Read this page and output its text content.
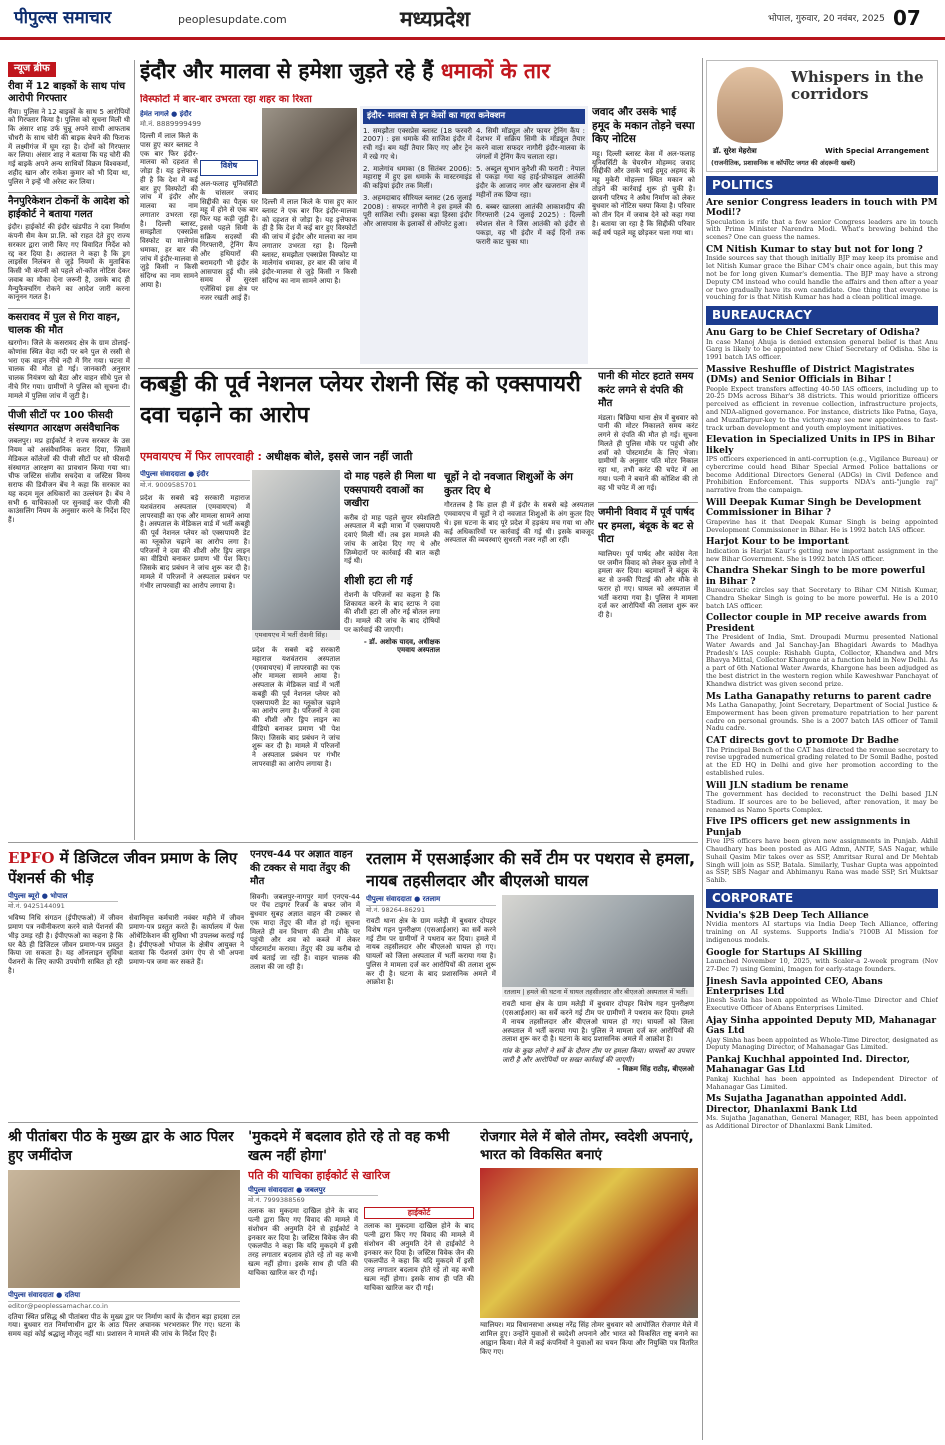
पीपुल्स समाचार	peoplesupdate.com	मध्यप्रदेश	भोपाल, गुरुवार, 20 नवंबर, 2025 07
न्यूज ब्रीफ
रीवा में 12 बाइकों के साथ पांच आरोपी गिरफ्तार
रीवा। पुलिस ने 12 बाइकों के साथ 5 आरोपियों को गिरफ्तार किया है। पुलिस को सूचना मिली थी कि अंसार शाह उर्फ चुन्नू अपने साथी आफताब चौधरी के साथ चोरी की बाइक बेचने की फिराक में लक्ष्मीगंज में घूम रहा है। दोनों को गिरफ्तार कर लिया। अंसार शाह ने बताया कि यह चोरी की गई बाइकें अपने अन्य साथियों विक्रम विश्वकर्मा, शहीद खान और राकेश कुमार को भी दिया था, पुलिस ने इन्हें भी अरेस्ट कर लिया।
नैनपुरिकेशन टोकनों के आदेश को हाईकोर्ट ने बताया गलत
इंदौर। हाईकोर्ट की इंदौर खंडपीठ ने दवा निर्माण कंपनी सैम केम प्रा.लि. को राहत देते हुए राज्य सरकार द्वारा जारी किए गए विवादित निर्देश को रद्द कर दिया है। अदालत ने कहा है कि ड्रग लाइसेंस निलंबन से जुड़े नियमों के मुताबिक किसी भी कंपनी को पहले शो-कॉज नोटिस देकर जवाब का मौका देना जरूरी है, उसके बाद ही मैन्युफैक्चरिंग रोकने का आदेश जारी करना कानूनन गलत है।
कसरावद में पुल से गिरा वाहन, चालक की मौत
खरगोन। जिले के कसरावद क्षेत्र के ग्राम ठोलाई-कोणांस स्थित वेदा नदी पर बने पुल से रस्सी से भरा एक वाहन नीचे नदी में गिर गया। घटना में चालक की मौत हो गई। जानकारी अनुसार चालक नियंत्रण खो बैठा और वाहन सीधे पुल से नीचे गिर गया। ग्रामीणों ने पुलिस को सूचना दी। मामले में पुलिस जांच में जुटी है।
पीजी सीटों पर 100 फीसदी संस्थागत आरक्षण असंवैधानिक
जबलपुर। मप्र हाईकोर्ट ने राज्य सरकार के उस नियम को असंवैधानिक करार दिया, जिसमें मेडिकल कॉलेजों की पीजी सीटों पर सौ फीसदी संस्थागत आरक्षण का प्रावधान किया गया था। चीफ जस्टिस संजीव सचदेवा व जस्टिस विनय सराफ की डिवीजन बेंच ने कहा कि सरकार का यह कदम मूल अधिकारों का उल्लंघन है। बेंच ने सभी 6 याचिकाओं पर सुनवाई कर पीजी की काउंसलिंग नियम के अनुसार करने के निर्देश दिए हैं।
इंदौर और मालवा से हमेशा जुड़ते रहे हैं धमाकों के तार
विस्फोटों में बार-बार उभरता रहा शहर का रिश्ता
हेमंत नागले ● इंदौर
मो.नं. 8889999499
दिल्ली में लाल किले के पास हुए कार ब्लास्ट ने एक बार फिर इंदौर-मालवा को दहशत से जोड़ा है। यह इत्तेफाक ही है कि देश में कई बार हुए विस्फोटों की जांच में इंदौर और मालवा का नाम लगातार उभरता रहा है। दिल्ली ब्लास्ट, समझौता एक्सप्रेस विस्फोट या मालेगांव धमाका, हर बार की जांच में इंदौर-मालवा से जुड़े किसी न किसी संदिग्ध का नाम सामने आया है।
विशेष
अल-फलाह यूनिवर्सिटी के चांसलर जवाद सिद्दीकी का पैतृक घर महू में होने से एक बार फिर यह कड़ी जुड़ी है। इससे पहले सिमी के सक्रिय सदस्यों की गिरफ्तारी, ट्रेनिंग कैंप और हथियारों की बरामदगी भी इंदौर के आसपास हुई थी। लंबे समय से सुरक्षा एजेंसियां इस क्षेत्र पर नजर रखती आई हैं।
दिल्ली में लाल किले के पास हुए कार ब्लास्ट ने एक बार फिर इंदौर-मालवा को दहशत से जोड़ा है। यह इत्तेफाक ही है कि देश में कई बार हुए विस्फोटों की जांच में इंदौर और मालवा का नाम लगातार उभरता रहा है। दिल्ली ब्लास्ट, समझौता एक्सप्रेस विस्फोट या मालेगांव धमाका, हर बार की जांच में इंदौर-मालवा से जुड़े किसी न किसी संदिग्ध का नाम सामने आया है।
इंदौर- मालवा से इन केसों का गहरा कनेक्शन
1. समझौता एक्सप्रेस ब्लास्ट (18 फरवरी 2007) : इस धमाके की साजिश इंदौर में रची गई। बम यहीं तैयार किए गए और ट्रेन में रखे गए थे।
2. मालेगांव धमाका (8 सितंबर 2006): महाराष्ट्र में हुए इस धमाके के मास्टरमाइंड की कड़ियां इंदौर तक मिलीं।
3. अहमदाबाद सीरियल ब्लास्ट (26 जुलाई 2008) : सफदर नागौरी ने इस हमले की पूरी साजिश रची। इसका बड़ा हिस्सा इंदौर और आसपास के इलाकों से ऑपरेट हुआ।
4. सिमी मॉड्यूल और फायर ट्रेनिंग कैंप : देशभर में सक्रिय सिमी के मॉड्यूल तैयार करने वाला सफदर नागौरी इंदौर-मालवा के जंगलों में ट्रेनिंग कैंप चलाता रहा।
5. अब्दुल सुभान कुरैशी की फरारी : नेपाल से पकड़ा गया यह हाई-प्रोफाइल आतंकी इंदौर के आजाद नगर और खजराना क्षेत्र में महीनों तक छिपा रहा।
6. बब्बर खालसा आतंकी आकाशदीप की गिरफ्तारी (24 जुलाई 2025) : दिल्ली स्पेशल सेल ने जिस आतंकी को इंदौर से पकड़ा, वह भी इंदौर में कई दिनों तक फरारी काट चुका था।
जवाद और उसके भाई हमूद के मकान तोड़ने चस्पा किए नोटिस
महू। दिल्ली ब्लास्ट केस में अल-फलाह यूनिवर्सिटी के चेयरमैन मोहम्मद जवाद सिद्दीकी और उसके भाई हमूद अहमद के महू मुकेरी मोहल्ला स्थित मकान को तोड़ने की कार्रवाई शुरू हो चुकी है। छावनी परिषद ने अवैध निर्माण को लेकर बुधवार को नोटिस चस्पा किया है। परिवार को तीन दिन में जवाब देने को कहा गया है। बताया जा रहा है कि सिद्दीकी परिवार कई वर्ष पहले महू छोड़कर चला गया था।
कबड्डी की पूर्व नेशनल प्लेयर रोशनी सिंह को एक्सपायरी दवा चढ़ाने का आरोप
एमवायएच में फिर लापरवाही : अधीक्षक बोले, इससे जान नहीं जाती
पीपुल्स संवाददाता ● इंदौर
मो.नं. 9009585701
प्रदेश के सबसे बड़े सरकारी महाराज यशवंतराव अस्पताल (एमवायएच) में लापरवाही का एक और मामला सामने आया है। अस्पताल के मेडिकल वार्ड में भर्ती कबड्डी की पूर्व नेशनल प्लेयर को एक्सपायरी डेट का ग्लूकोज चढ़ाने का आरोप लगा है। परिजनों ने दवा की शीशी और ड्रिप लाइन का वीडियो बनाकर प्रमाण भी पेश किए। जिसके बाद प्रबंधन ने जांच शुरू कर दी है। मामले में परिजनों ने अस्पताल प्रबंधन पर गंभीर लापरवाही का आरोप लगाया है।
एमवायएच में भर्ती रोशनी सिंह।
प्रदेश के सबसे बड़े सरकारी महाराज यशवंतराव अस्पताल (एमवायएच) में लापरवाही का एक और मामला सामने आया है। अस्पताल के मेडिकल वार्ड में भर्ती कबड्डी की पूर्व नेशनल प्लेयर को एक्सपायरी डेट का ग्लूकोज चढ़ाने का आरोप लगा है। परिजनों ने दवा की शीशी और ड्रिप लाइन का वीडियो बनाकर प्रमाण भी पेश किए। जिसके बाद प्रबंधन ने जांच शुरू कर दी है। मामले में परिजनों ने अस्पताल प्रबंधन पर गंभीर लापरवाही का आरोप लगाया है।
दो माह पहले ही मिला था एक्सपायरी दवाओं का जखीरा
करीब दो माह पहले सुपर स्पेशलिटी अस्पताल में बड़ी मात्रा में एक्सपायरी दवाएं मिली थीं। तब इस मामले की जांच के आदेश दिए गए थे और जिम्मेदारों पर कार्रवाई की बात कही गई थी।
शीशी हटा ली गई
रोशनी के परिजनों का कहना है कि शिकायत करने के बाद स्टाफ ने दवा की शीशी हटा ली और नई बोतल लगा दी। मामले की जांच के बाद दोषियों पर कार्रवाई की जाएगी।
- डॉ. अशोक यादव, अधीक्षक एमवाय अस्पताल
चूहों ने दो नवजात शिशुओं के अंग कुतर दिए थे
गौरतलब है कि हाल ही में इंदौर के सबसे बड़े अस्पताल एमवायएच में चूहों ने दो नवजात शिशुओं के अंग कुतर दिए थे। इस घटना के बाद पूरे प्रदेश में हड़कंप मच गया था और कई अधिकारियों पर कार्रवाई की गई थी। इसके बावजूद अस्पताल की व्यवस्थाएं सुधरती नजर नहीं आ रहीं।
पानी की मोटर हटाते समय करंट लगने से दंपति की मौत
मंडला। बिछिया थाना क्षेत्र में बुधवार को पानी की मोटर निकालते समय करंट लगने से दंपति की मौत हो गई। सूचना मिलते ही पुलिस मौके पर पहुंची और शवों को पोस्टमार्टम के लिए भेजा। ग्रामीणों के अनुसार पति मोटर निकाल रहा था, तभी करंट की चपेट में आ गया। पत्नी ने बचाने की कोशिश की तो वह भी चपेट में आ गई।
जमीनी विवाद में पूर्व पार्षद पर हमला, बंदूक के बट से पीटा
ग्वालियर। पूर्व पार्षद और कांग्रेस नेता पर जमीन विवाद को लेकर कुछ लोगों ने हमला कर दिया। बदमाशों ने बंदूक के बट से उनकी पिटाई की और मौके से फरार हो गए। घायल को अस्पताल में भर्ती कराया गया है। पुलिस ने मामला दर्ज कर आरोपियों की तलाश शुरू कर दी है।
EPFO में डिजिटल जीवन प्रमाण के लिए पेंशनर्स की भीड़
पीपुल्स ब्यूरो ● भोपाल
मो.नं. 9425144091
भविष्य निधि संगठन (ईपीएफओ) में जीवन प्रमाण पत्र नवीनीकरण करने वाले पेंशनर्स की भीड़ उमड़ रही है। ईपीएफओ का कहना है कि घर बैठे ही डिजिटल जीवन प्रमाण-पत्र प्रस्तुत किया जा सकता है। यह ऑनलाइन सुविधा पेंशनरों के लिए काफी उपयोगी साबित हो रही है।
सेवानिवृत्त कर्मचारी नवंबर महीने में जीवन प्रमाण-पत्र प्रस्तुत करते हैं। कार्यालय में फेस ऑथेंटिकेशन की सुविधा भी उपलब्ध कराई गई है। ईपीएफओ भोपाल के क्षेत्रीय आयुक्त ने बताया कि पेंशनर्स उमंग ऐप से भी अपना प्रमाण-पत्र जमा कर सकते हैं।
एनएच-44 पर अज्ञात वाहन की टक्कर से मादा तेंदुए की मौत
सिवनी। जबलपुर-नागपुर मार्ग एनएच-44 पर पेंच टाइगर रिजर्व के बफर जोन में बुधवार सुबह अज्ञात वाहन की टक्कर से एक मादा तेंदुए की मौत हो गई। सूचना मिलते ही वन विभाग की टीम मौके पर पहुंची और शव को कब्जे में लेकर पोस्टमार्टम कराया। तेंदुए की उम्र करीब दो वर्ष बताई जा रही है। वाहन चालक की तलाश की जा रही है।
रतलाम में एसआईआर की सर्वे टीम पर पथराव से हमला, नायब तहसीलदार और बीएलओ घायल
पीपुल्स संवाददाता ● रतलाम
मो.नं. 98264-86291
रावटी थाना क्षेत्र के ग्राम मलेड़ी में बुधवार दोपहर विशेष गहन पुनरीक्षण (एसआईआर) का सर्वे करने गई टीम पर ग्रामीणों ने पथराव कर दिया। हमले में नायब तहसीलदार और बीएलओ घायल हो गए। घायलों को जिला अस्पताल में भर्ती कराया गया है। पुलिस ने मामला दर्ज कर आरोपियों की तलाश शुरू कर दी है। घटना के बाद प्रशासनिक अमले में आक्रोश है।
रतलाम | हमले की घटना में घायल तहसीलदार और बीएलओ अस्पताल में भर्ती।
रावटी थाना क्षेत्र के ग्राम मलेड़ी में बुधवार दोपहर विशेष गहन पुनरीक्षण (एसआईआर) का सर्वे करने गई टीम पर ग्रामीणों ने पथराव कर दिया। हमले में नायब तहसीलदार और बीएलओ घायल हो गए। घायलों को जिला अस्पताल में भर्ती कराया गया है। पुलिस ने मामला दर्ज कर आरोपियों की तलाश शुरू कर दी है। घटना के बाद प्रशासनिक अमले में आक्रोश है।
गांव के कुछ लोगों ने सर्वे के दौरान टीम पर हमला किया। घायलों का उपचार जारी है और आरोपियों पर सख्त कार्रवाई की जाएगी।
- विक्रम सिंह राठौड़, बीएलओ
श्री पीतांबरा पीठ के मुख्य द्वार के आठ पिलर हुए जमींदोज
पीपुल्स संवाददाता ● दतिया
editor@peoplessamachar.co.in
दतिया स्थित प्रसिद्ध श्री पीतांबरा पीठ के मुख्य द्वार पर निर्माण कार्य के दौरान बड़ा हादसा टल गया। बुधवार रात निर्माणाधीन द्वार के आठ पिलर अचानक भरभराकर गिर गए। घटना के समय वहां कोई श्रद्धालु मौजूद नहीं था। प्रशासन ने मामले की जांच के निर्देश दिए हैं।
'मुकदमे में बदलाव होते रहे तो वह कभी खत्म नहीं होगा'
पति की याचिका हाईकोर्ट से खारिज
पीपुल्स संवाददाता ● जबलपुर
मो.नं. 7999388569
तलाक का मुकदमा दाखिल होने के बाद पत्नी द्वारा किए गए विवाद की मामले में संशोधन की अनुमति देने से हाईकोर्ट ने इनकार कर दिया है। जस्टिस विवेक जैन की एकलपीठ ने कहा कि यदि मुकदमे में इसी तरह लगातार बदलाव होते रहे तो वह कभी खत्म नहीं होगा। इसके साथ ही पति की याचिका खारिज कर दी गई।
हाईकोर्ट
तलाक का मुकदमा दाखिल होने के बाद पत्नी द्वारा किए गए विवाद की मामले में संशोधन की अनुमति देने से हाईकोर्ट ने इनकार कर दिया है। जस्टिस विवेक जैन की एकलपीठ ने कहा कि यदि मुकदमे में इसी तरह लगातार बदलाव होते रहे तो वह कभी खत्म नहीं होगा। इसके साथ ही पति की याचिका खारिज कर दी गई।
रोजगार मेले में बोले तोमर, स्वदेशी अपनाएं, भारत को विकसित बनाएं
ग्वालियर। मप्र विधानसभा अध्यक्ष नरेंद्र सिंह तोमर बुधवार को आयोजित रोजगार मेले में शामिल हुए। उन्होंने युवाओं से स्वदेशी अपनाने और भारत को विकसित राष्ट्र बनाने का आह्वान किया। मेले में कई कंपनियों ने युवाओं का चयन किया और नियुक्ति पत्र वितरित किए गए।
Whispers in the corridors
डॉ. सुरेश मेहरोत्रा	With Special Arrangement
(राजनीतिक, प्रशासनिक व कॉर्पोरेट जगत की अंदरूनी खबरें)
POLITICS
Are senior Congress leaders in touch with PM Modi!?

Speculation is rife that a few senior Congress leaders are in touch with Prime Minister Narendra Modi. What's brewing behind the scenes? One can guess the names.

CM Nitish Kumar to stay but not for long ?

Inside sources say that though initially BJP may keep its promise and let Nitish Kumar grace the Bihar CM's chair once again, but this may not be for long given Kumar's dementia. The BJP may have a strong Deputy CM instead who could handle the affairs and then after a year or two gradually have its own candidate. One thing that everyone is vouching for is that Nitish Kumar has had a clean political image.

BUREAUCRACY
Anu Garg to be Chief Secretary of Odisha?

In case Manoj Ahuja is denied extension general belief is that Anu Garg is likely to be appointed new Chief Secretary of Odisha. She is 1991 batch IAS officer.

Massive Reshuffle of District Magistrates (DMs) and Senior Officials in Bihar !

People Expect transfers affecting 40-50 IAS officers, including up to 20-25 DMs across Bihar's 38 districts. This would prioritize officers perceived as efficient in revenue collection, infrastructure projects, and NDA-aligned governance. For instance, districts like Patna, Gaya, and Muzaffarpur-key to the victory-may see new appointees to fast-track urban development and youth employment initiatives.

Elevation in Specialized Units in IPS in Bihar likely

IPS officers experienced in anti-corruption (e.g., Vigilance Bureau) or cybercrime could head Bihar Special Armed Police battalions or become Additional Directors General (ADGs) in Civil Defence and Prohibition Enforcement. This supports NDA's anti-"jungle raj" narrative from the campaign.

Will Deepak Kumar Singh be Development Commissioner in Bihar ?

Grapevine has it that Deepak Kumar Singh is being appointed Development Commissioner in Bihar. He is 1992 batch IAS officer.

Harjot Kour to be important

Indication is Harjat Kaur's getting new important assignment in the new Bihar Government. She is 1992 batch IAS officer.

Chandra Shekar Singh to be more powerful in Bihar ?

Bureaucratic circles say that Secretary to Bihar CM Nitish Kumar, Chandra Shekar Singh is going to be more powerful. He is a 2010 batch IAS officer.

Collector couple in MP receive awards from President

The President of India, Smt. Droupadi Murmu presented National Water Awards and Jal Sanchay-Jan Bhagidari Awards to Madhya Pradesh's IAS couple: Rishabh Gupta, Collector, Khandwa and Mrs Bhavya Mittal, Collector Khargone at a function held in New Delhi. As a part of 6th National Water Awards, Khargone has been adjudged as the best district in the western region while Kaweshwar Panchayat of Khandwa district was given second prize.

Ms Latha Ganapathy returns to parent cadre

Ms Latha Ganapathy, Joint Secretary, Department of Social Justice & Empowerment has been given premature repatriation to her parent cadre on personal grounds. She is a 2007 batch IAS officer of Tamil Nadu cadre.

CAT directs govt to promote Dr Badhe

The Principal Bench of the CAT has directed the revenue secretary to revise upgraded numerical grading related to Dr Somil Badhe, posted at the ED HQ in Delhi and give her promotion according to the established rules.

Will JLN stadium be rename

The government has decided to reconstruct the Delhi based JLN Stadium. If sources are to be believed, after renovation, it may be renamed as Namo Sports Complex.

Five IPS officers get new assignments in Punjab

Five IPS officers have been given new assignments in Punjab. Akhil Chaudhary has been posted as AIG Admn, ANTF, SAS Nagar, while Suhail Qasim Mir takes over as SSP, Amritsar Rural and Dr Mehtab Singh will join as SSP, Batala. Similarly, Tushar Gupta was appointed as SSP, SBS Nagar and Abhimanyu Rana was made SSP, Sri Muktsar Sahib.

CORPORATE
Nvidia's $2B Deep Tech Alliance

Nvidia mentors AI startups via India Deep Tech Alliance, offering training on AI systems. Supports India's ?100B AI Mission for indigenous models.

Google for Startups AI Skilling

Launched November 10, 2025, with Scaler-a 2-week program (Nov 27-Dec 7) using Gemini, Imagen for early-stage founders.

Jinesh Savla appointed CEO, Abans Enterprises Ltd

Jinesh Savla has been appointed as Whole-Time Director and Chief Executive Officer of Abans Enterprises Limited.

Ajay Sinha appointed Deputy MD, Mahanagar Gas Ltd

Ajay Sinha has been appointed as Whole-Time Director, designated as Deputy Managing Director, of Mahanagar Gas Limited.

Pankaj Kuchhal appointed Ind. Director, Mahanagar Gas Ltd

Pankaj Kuchhal has been appointed as Independent Director of Mahanagar Gas Limited.

Ms Sujatha Jaganathan appointed Addl. Director, Dhanlaxmi Bank Ltd

Ms. Sujatha Jaganathan, General Manager, RBI, has been appointed as Additional Director of Dhanlaxmi Bank Limited.
